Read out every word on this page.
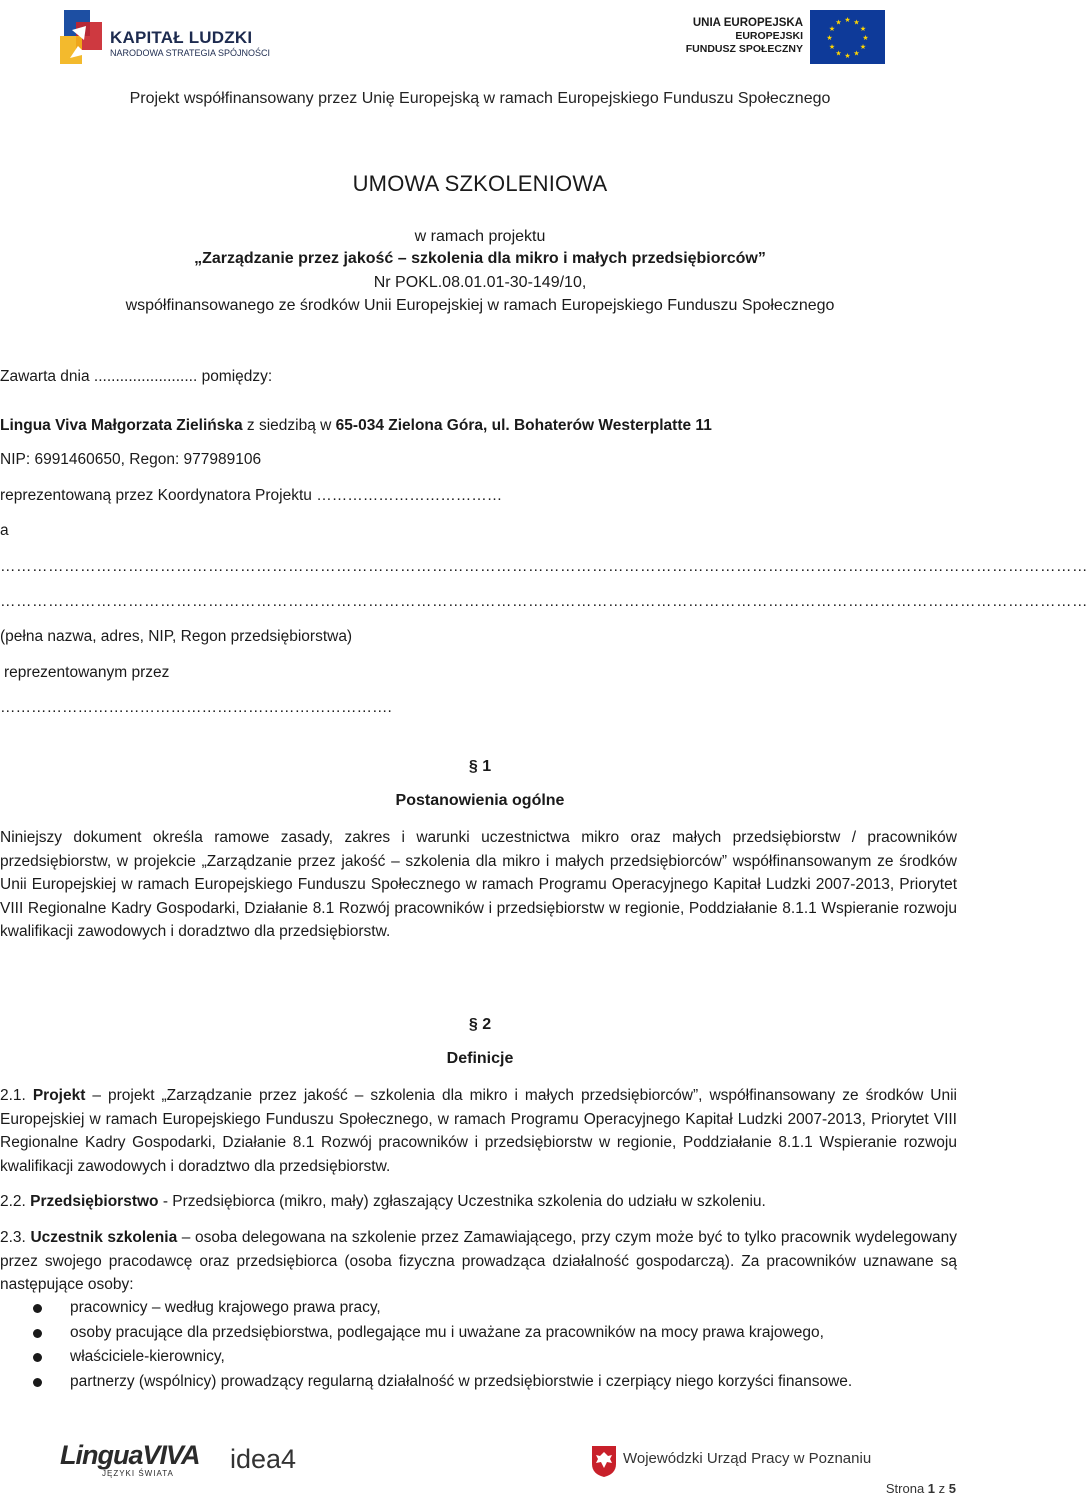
KAPITAŁ LUDZKI
NARODOWA STRATEGIA SPÓJNOŚCI
UNIA EUROPEJSKA
EUROPEJSKI
FUNDUSZ SPOŁECZNY
★ ★
★
★
★
★
★
★
★
★
★
★
Projekt współfinansowany przez Unię Europejską w ramach Europejskiego Funduszu Społecznego
UMOWA SZKOLENIOWA
w ramach projektu
„Zarządzanie przez jakość – szkolenia dla mikro i małych przedsiębiorców”
Nr POKL.08.01.01-30-149/10,
współfinansowanego ze środków Unii Europejskiej w ramach Europejskiego Funduszu Społecznego
Zawarta dnia ........................ pomiędzy:
Lingua Viva Małgorzata Zielińska z siedzibą w 65-034 Zielona Góra, ul. Bohaterów Westerplatte 11
NIP: 6991460650, Regon: 977989106
reprezentowaną przez Koordynatora Projektu ………………………………
a
……………………………………………………………………………………………………………………………………………………………………………………
……………………………………………………………………………………………………………………………………………………………………………………
(pełna nazwa, adres, NIP, Regon przedsiębiorstwa)
reprezentowanym przez
………………………………………………………………….
§ 1
Postanowienia ogólne
Niniejszy dokument określa ramowe zasady, zakres i warunki uczestnictwa mikro oraz małych przedsiębiorstw / pracowników przedsiębiorstw, w projekcie „Zarządzanie przez jakość – szkolenia dla mikro i małych przedsiębiorców” współfinansowanym ze środków Unii Europejskiej w ramach Europejskiego Funduszu Społecznego w ramach Programu Operacyjnego Kapitał Ludzki 2007-2013, Priorytet VIII Regionalne Kadry Gospodarki, Działanie 8.1 Rozwój pracowników i przedsiębiorstw w regionie, Poddziałanie 8.1.1 Wspieranie rozwoju kwalifikacji zawodowych i doradztwo dla przedsiębiorstw.
§ 2
Definicje
2.1. Projekt – projekt „Zarządzanie przez jakość – szkolenia dla mikro i małych przedsiębiorców”, współfinansowany ze środków Unii Europejskiej w ramach Europejskiego Funduszu Społecznego, w ramach Programu Operacyjnego Kapitał Ludzki 2007-2013, Priorytet VIII Regionalne Kadry Gospodarki, Działanie 8.1 Rozwój pracowników i przedsiębiorstw w regionie, Poddziałanie 8.1.1 Wspieranie rozwoju kwalifikacji zawodowych i doradztwo dla przedsiębiorstw.
2.2. Przedsiębiorstwo - Przedsiębiorca (mikro, mały) zgłaszający Uczestnika szkolenia do udziału w szkoleniu.
2.3. Uczestnik szkolenia – osoba delegowana na szkolenie przez Zamawiającego, przy czym może być to tylko pracownik wydelegowany przez swojego pracodawcę oraz przedsiębiorca (osoba fizyczna prowadząca działalność gospodarczą). Za pracowników uznawane są następujące osoby:
pracownicy – według krajowego prawa pracy,
osoby pracujące dla przedsiębiorstwa, podlegające mu i uważane za pracowników na mocy prawa krajowego,
właściciele-kierownicy,
partnerzy (wspólnicy) prowadzący regularną działalność w przedsiębiorstwie i czerpiący niego korzyści finansowe.
LinguaVIVA
JĘZYKI ŚWIATA idea4	Wojewódzki Urząd Pracy w Poznaniu
Strona 1 z 5
